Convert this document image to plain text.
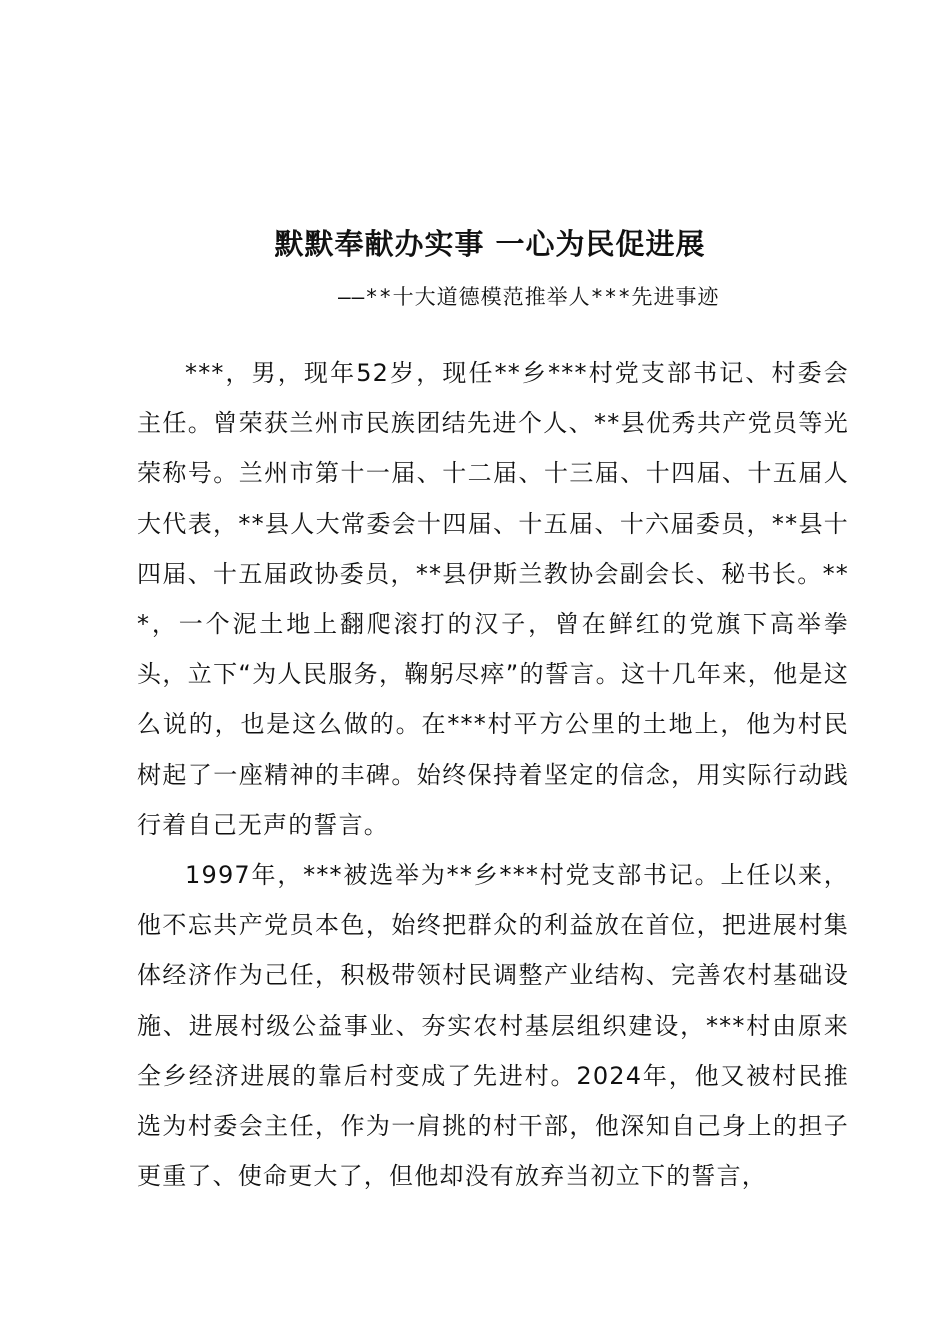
默默奉献办实事 一心为民促进展
——**十大道德模范推举人***先进事迹

***，男，现年52岁，现任**乡***村党支部书记、村委会主任。曾荣获兰州市民族团结先进个人、**县优秀共产党员等光荣称号。兰州市第十一届、十二届、十三届、十四届、十五届人大代表，**县人大常委会十四届、十五届、十六届委员，**县十四届、十五届政协委员，**县伊斯兰教协会副会长、秘书长。***，一个泥土地上翻爬滚打的汉子，曾在鲜红的党旗下高举拳头，立下“为人民服务，鞠躬尽瘁”的誓言。这十几年来，他是这么说的，也是这么做的。在***村平方公里的土地上，他为村民树起了一座精神的丰碑。始终保持着坚定的信念，用实际行动践行着自己无声的誓言。

1997年，***被选举为**乡***村党支部书记。上任以来，他不忘共产党员本色，始终把群众的利益放在首位，把进展村集体经济作为己任，积极带领村民调整产业结构、完善农村基础设施、进展村级公益事业、夯实农村基层组织建设，***村由原来全乡经济进展的靠后村变成了先进村。2024年，他又被村民推选为村委会主任，作为一肩挑的村干部，他深知自己身上的担子更重了、使命更大了，但他却没有放弃当初立下的誓言，
